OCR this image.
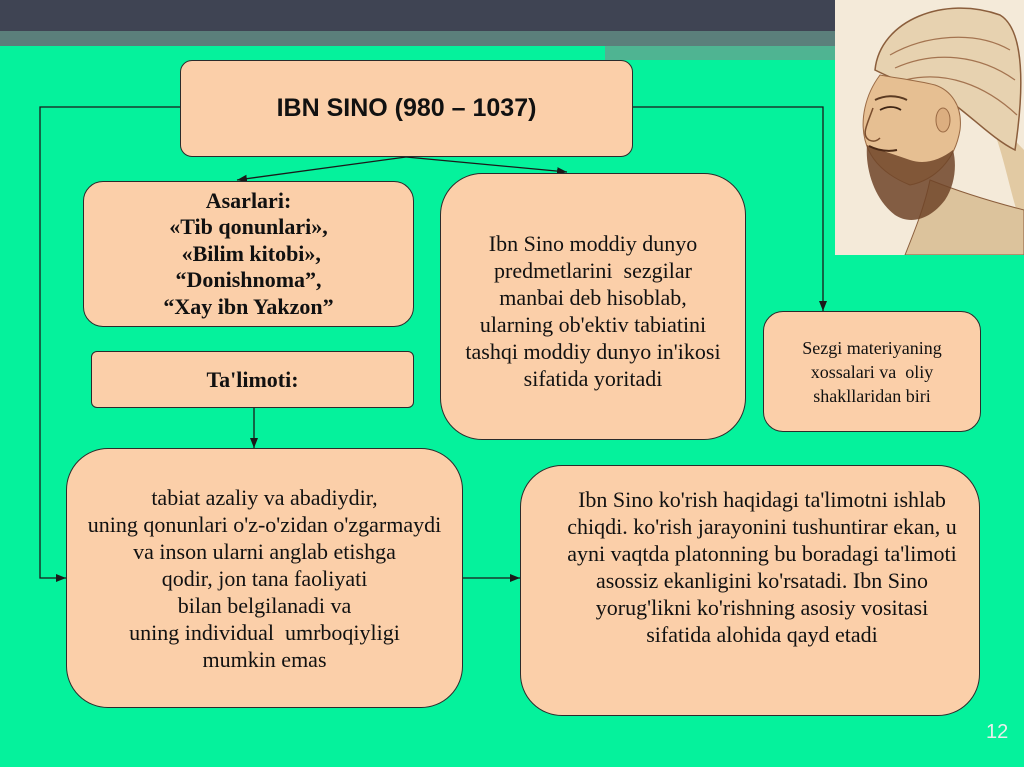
IBN SINO (980 – 1037)
Asarlari:
«Tib qonunlari»,
«Bilim kitobi»,
“Donishnoma”,
“Xay ibn Yakzon”
Ta'limoti:
Ibn Sino moddiy dunyo
predmetlarini  sezgilar
manbai deb hisoblab,
ularning ob'ektiv tabiatini
tashqi moddiy dunyo in'ikosi
sifatida yoritadi
Sezgi materiyaning
xossalari va  oliy
shakllaridan biri
tabiat azaliy va abadiydir,
uning qonunlari o'z-o'zidan o'zgarmaydi
va inson ularni anglab etishga
qodir, jon tana faoliyati
bilan belgilanadi va
uning individual  umrboqiyligi
mumkin emas
Ibn Sino ko'rish haqidagi ta'limotni ishlab
chiqdi. ko'rish jarayonini tushuntirar ekan, u
ayni vaqtda platonning bu boradagi ta'limoti
asossiz ekanligini ko'rsatadi. Ibn Sino
yorug'likni ko'rishning asosiy vositasi
sifatida alohida qayd etadi
12
